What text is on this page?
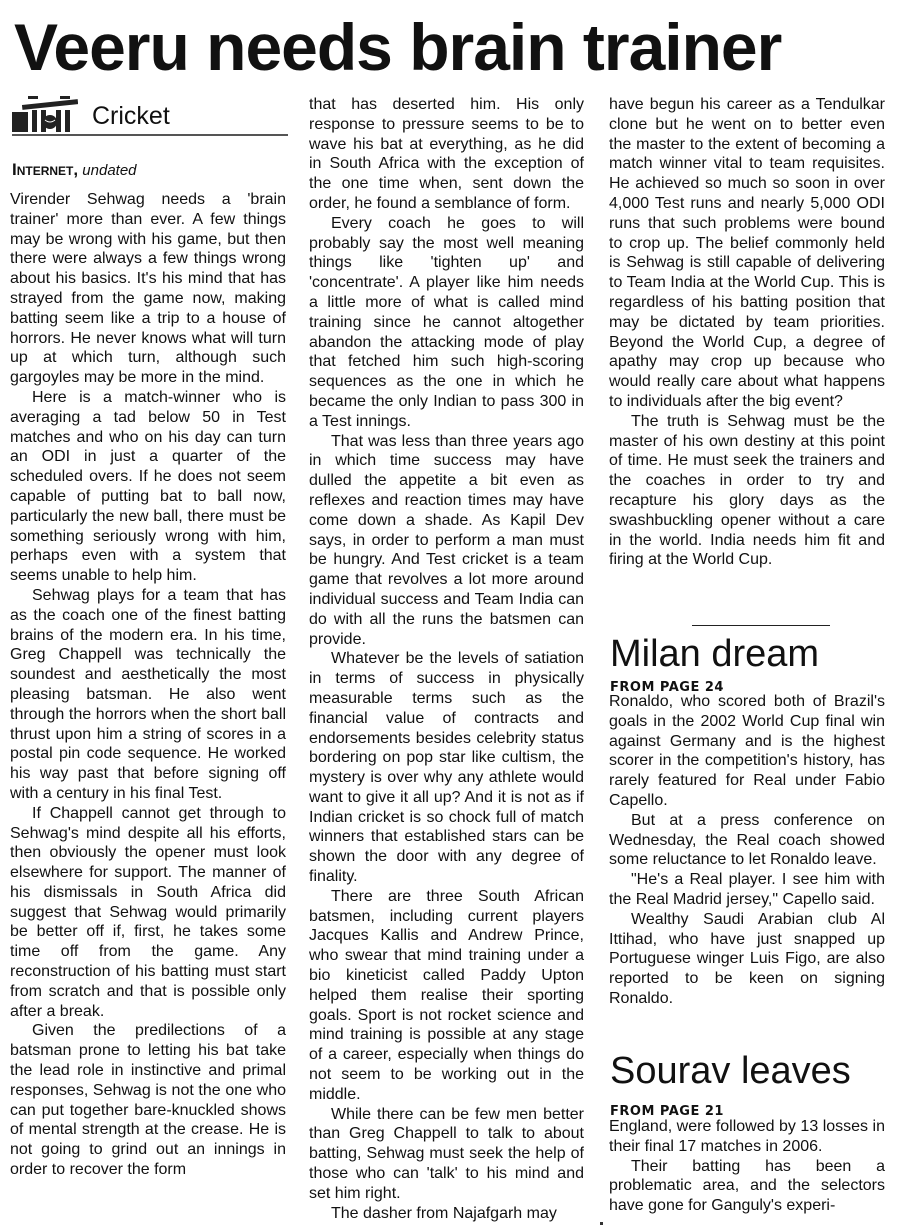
Veeru needs brain trainer
Cricket
Internet, undated

Virender Sehwag needs a 'brain trainer' more than ever. A few things may be wrong with his game, but then there were always a few things wrong about his basics. It's his mind that has strayed from the game now, making batting seem like a trip to a house of horrors. He never knows what will turn up at which turn, although such gargoyles may be more in the mind.

Here is a match-winner who is averaging a tad below 50 in Test matches and who on his day can turn an ODI in just a quarter of the scheduled overs. If he does not seem capable of putting bat to ball now, particularly the new ball, there must be something seriously wrong with him, perhaps even with a system that seems unable to help him.

Sehwag plays for a team that has as the coach one of the finest batting brains of the modern era. In his time, Greg Chappell was technically the soundest and aesthetically the most pleasing batsman. He also went through the horrors when the short ball thrust upon him a string of scores in a postal pin code sequence. He worked his way past that before signing off with a century in his final Test.

If Chappell cannot get through to Sehwag's mind despite all his efforts, then obviously the opener must look elsewhere for support. The manner of his dismissals in South Africa did suggest that Sehwag would primarily be better off if, first, he takes some time off from the game. Any reconstruction of his batting must start from scratch and that is possible only after a break.

Given the predilections of a batsman prone to letting his bat take the lead role in instinctive and primal responses, Sehwag is not the one who can put together bare-knuckled shows of mental strength at the crease. He is not going to grind out an innings in order to recover the form

that has deserted him. His only response to pressure seems to be to wave his bat at everything, as he did in South Africa with the exception of the one time when, sent down the order, he found a semblance of form.

Every coach he goes to will probably say the most well meaning things like 'tighten up' and 'concentrate'. A player like him needs a little more of what is called mind training since he cannot altogether abandon the attacking mode of play that fetched him such high-scoring sequences as the one in which he became the only Indian to pass 300 in a Test innings.

That was less than three years ago in which time success may have dulled the appetite a bit even as reflexes and reaction times may have come down a shade. As Kapil Dev says, in order to perform a man must be hungry. And Test cricket is a team game that revolves a lot more around individual success and Team India can do with all the runs the batsmen can provide.

Whatever be the levels of satiation in terms of success in physically measurable terms such as the financial value of contracts and endorsements besides celebrity status bordering on pop star like cultism, the mystery is over why any athlete would want to give it all up? And it is not as if Indian cricket is so chock full of match winners that established stars can be shown the door with any degree of finality.

There are three South African batsmen, including current players Jacques Kallis and Andrew Prince, who swear that mind training under a bio kineticist called Paddy Upton helped them realise their sporting goals. Sport is not rocket science and mind training is possible at any stage of a career, especially when things do not seem to be working out in the middle.

While there can be few men better than Greg Chappell to talk to about batting, Sehwag must seek the help of those who can 'talk' to his mind and set him right.

The dasher from Najafgarh may

have begun his career as a Tendulkar clone but he went on to better even the master to the extent of becoming a match winner vital to team requisites. He achieved so much so soon in over 4,000 Test runs and nearly 5,000 ODI runs that such problems were bound to crop up. The belief commonly held is Sehwag is still capable of delivering to Team India at the World Cup. This is regardless of his batting position that may be dictated by team priorities. Beyond the World Cup, a degree of apathy may crop up because who would really care about what happens to individuals after the big event?

The truth is Sehwag must be the master of his own destiny at this point of time. He must seek the trainers and the coaches in order to try and recapture his glory days as the swashbuckling opener without a care in the world. India needs him fit and firing at the World Cup.

Milan dream
FROM PAGE 24

Ronaldo, who scored both of Brazil's goals in the 2002 World Cup final win against Germany and is the highest scorer in the competition's history, has rarely featured for Real under Fabio Capello.

But at a press conference on Wednesday, the Real coach showed some reluctance to let Ronaldo leave.

"He's a Real player. I see him with the Real Madrid jersey," Capello said.

Wealthy Saudi Arabian club Al Ittihad, who have just snapped up Portuguese winger Luis Figo, are also reported to be keen on signing Ronaldo.

Sourav leaves
FROM PAGE 21

England, were followed by 13 losses in their final 17 matches in 2006.

Their batting has been a problematic area, and the selectors have gone for Ganguly's experi-
